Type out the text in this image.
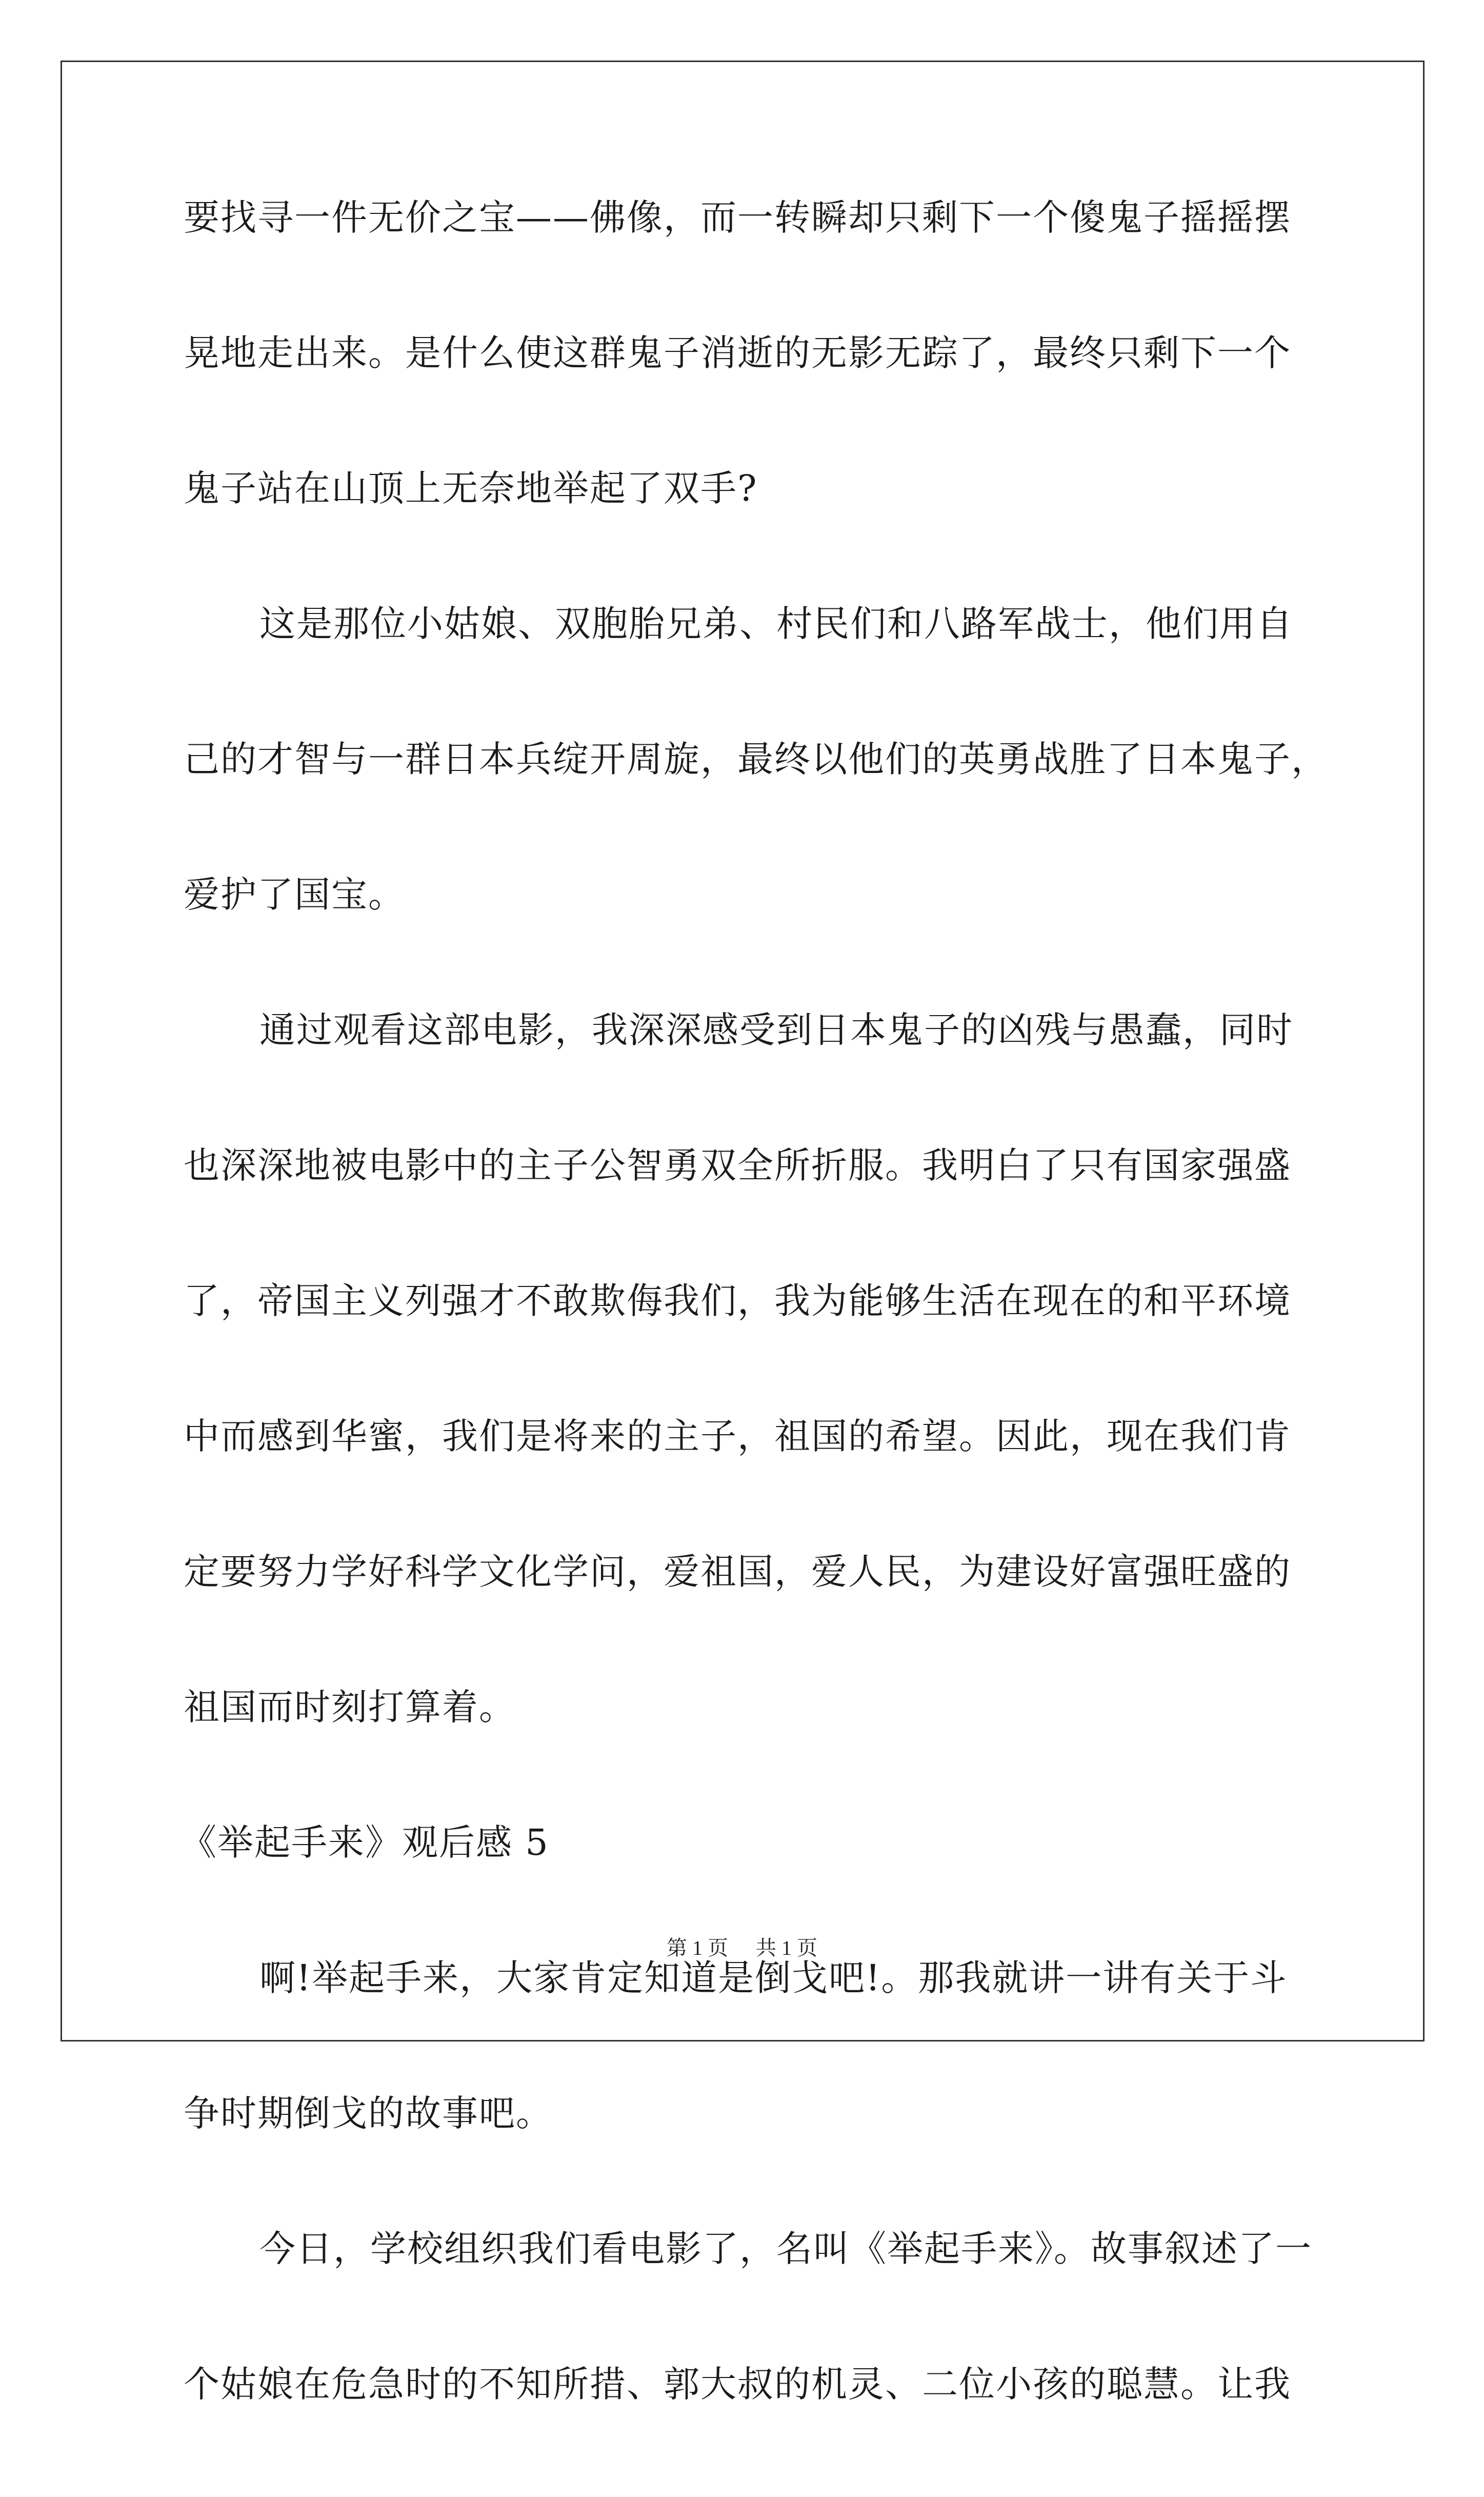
要找寻一件无价之宝——佛像，而一转瞬却只剩下一个傻鬼子摇摇摆
晃地走出来。是什么使这群鬼子消逝的无影无踪了，最终只剩下一个
鬼子站在山顶上无奈地举起了双手?
这是那位小姑娘、双胞胎兄弟、村民们和八路军战士，他们用自
己的才智与一群日本兵绽开周旋，最终以他们的英勇战胜了日本鬼子，
爱护了国宝。
通过观看这部电影，我深深感受到日本鬼子的凶残与愚蠢，同时
也深深地被电影中的主子公智勇双全所折服。我明白了只有国家强盛
了，帝国主义列强才不敢欺侮我们，我为能够生活在现在的和平环境
中而感到华蜜，我们是将来的主子，祖国的希望。因此，现在我们肯
定要努力学好科学文化学问，爱祖国，爱人民，为建设好富强旺盛的
祖国而时刻打算着。
《举起手来》观后感 5
啊!举起手来，大家肯定知道是倒戈吧!。那我就讲一讲有关于斗
争时期倒戈的故事吧。
今日，学校组织我们看电影了，名叫《举起手来》。故事叙述了一
个姑娘在危急时的不知所措、郭大叔的机灵、二位小孩的聪慧。让我
第 1 页 共 1 页
